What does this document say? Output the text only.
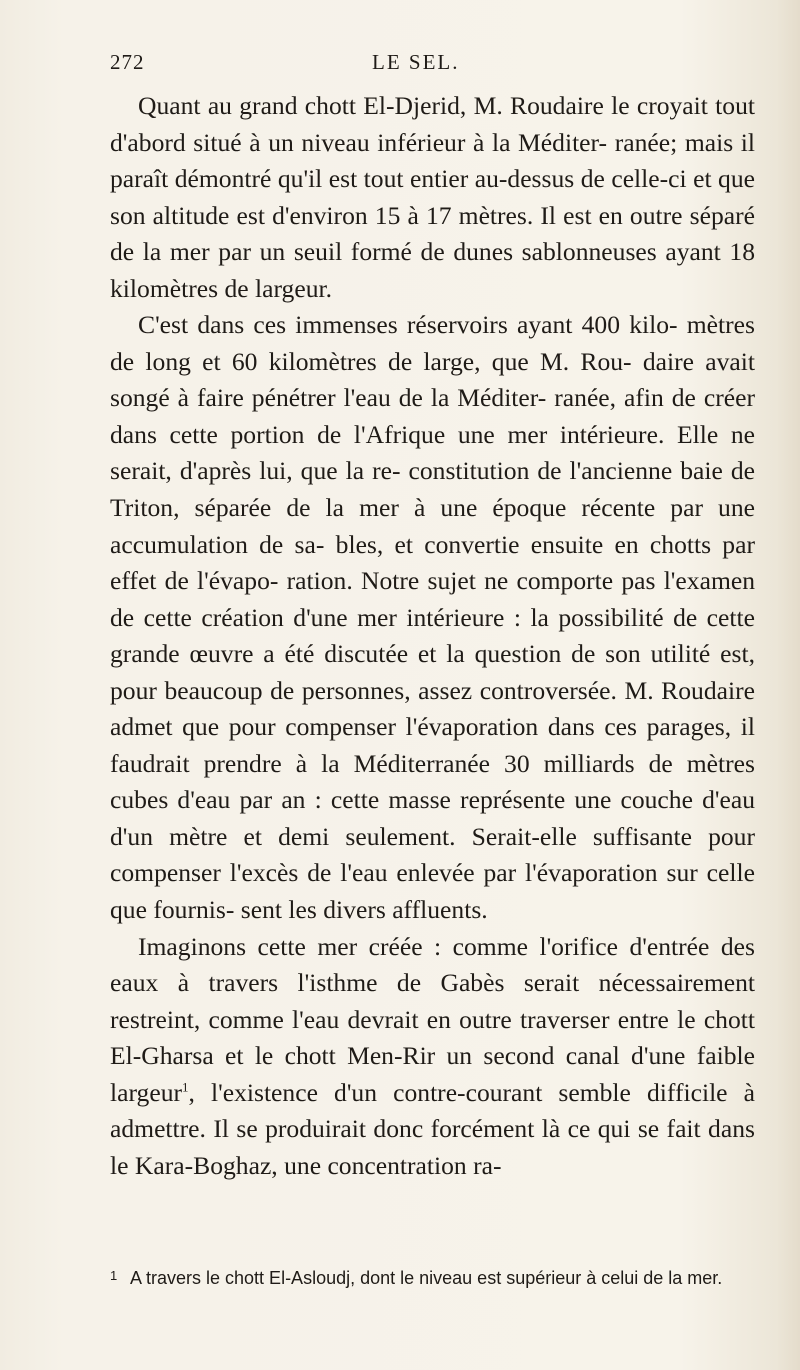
272	LE SEL.

Quant au grand chott El-Djerid, M. Roudaire le croyait tout d'abord situé à un niveau inférieur à la Méditer- ranée; mais il paraît démontré qu'il est tout entier au-dessus de celle-ci et que son altitude est d'environ 15 à 17 mètres. Il est en outre séparé de la mer par un seuil formé de dunes sablonneuses ayant 18 kilomètres de largeur.

C'est dans ces immenses réservoirs ayant 400 kilo- mètres de long et 60 kilomètres de large, que M. Rou- daire avait songé à faire pénétrer l'eau de la Méditer- ranée, afin de créer dans cette portion de l'Afrique une mer intérieure. Elle ne serait, d'après lui, que la re- constitution de l'ancienne baie de Triton, séparée de la mer à une époque récente par une accumulation de sa- bles, et convertie ensuite en chotts par effet de l'évapo- ration. Notre sujet ne comporte pas l'examen de cette création d'une mer intérieure : la possibilité de cette grande œuvre a été discutée et la question de son utilité est, pour beaucoup de personnes, assez controversée. M. Roudaire admet que pour compenser l'évaporation dans ces parages, il faudrait prendre à la Méditerranée 30 milliards de mètres cubes d'eau par an : cette masse représente une couche d'eau d'un mètre et demi seulement. Serait-elle suffisante pour compenser l'excès de l'eau enlevée par l'évaporation sur celle que fournis- sent les divers affluents.

Imaginons cette mer créée : comme l'orifice d'entrée des eaux à travers l'isthme de Gabès serait nécessairement restreint, comme l'eau devrait en outre traverser entre le chott El-Gharsa et le chott Men-Rir un second canal d'une faible largeur$^1$, l'existence d'un contre-courant semble difficile à admettre. Il se produirait donc forcément là ce qui se fait dans le Kara-Boghaz, une concentration ra-

1 A travers le chott El-Asloudj, dont le niveau est supérieur à celui de la mer.
